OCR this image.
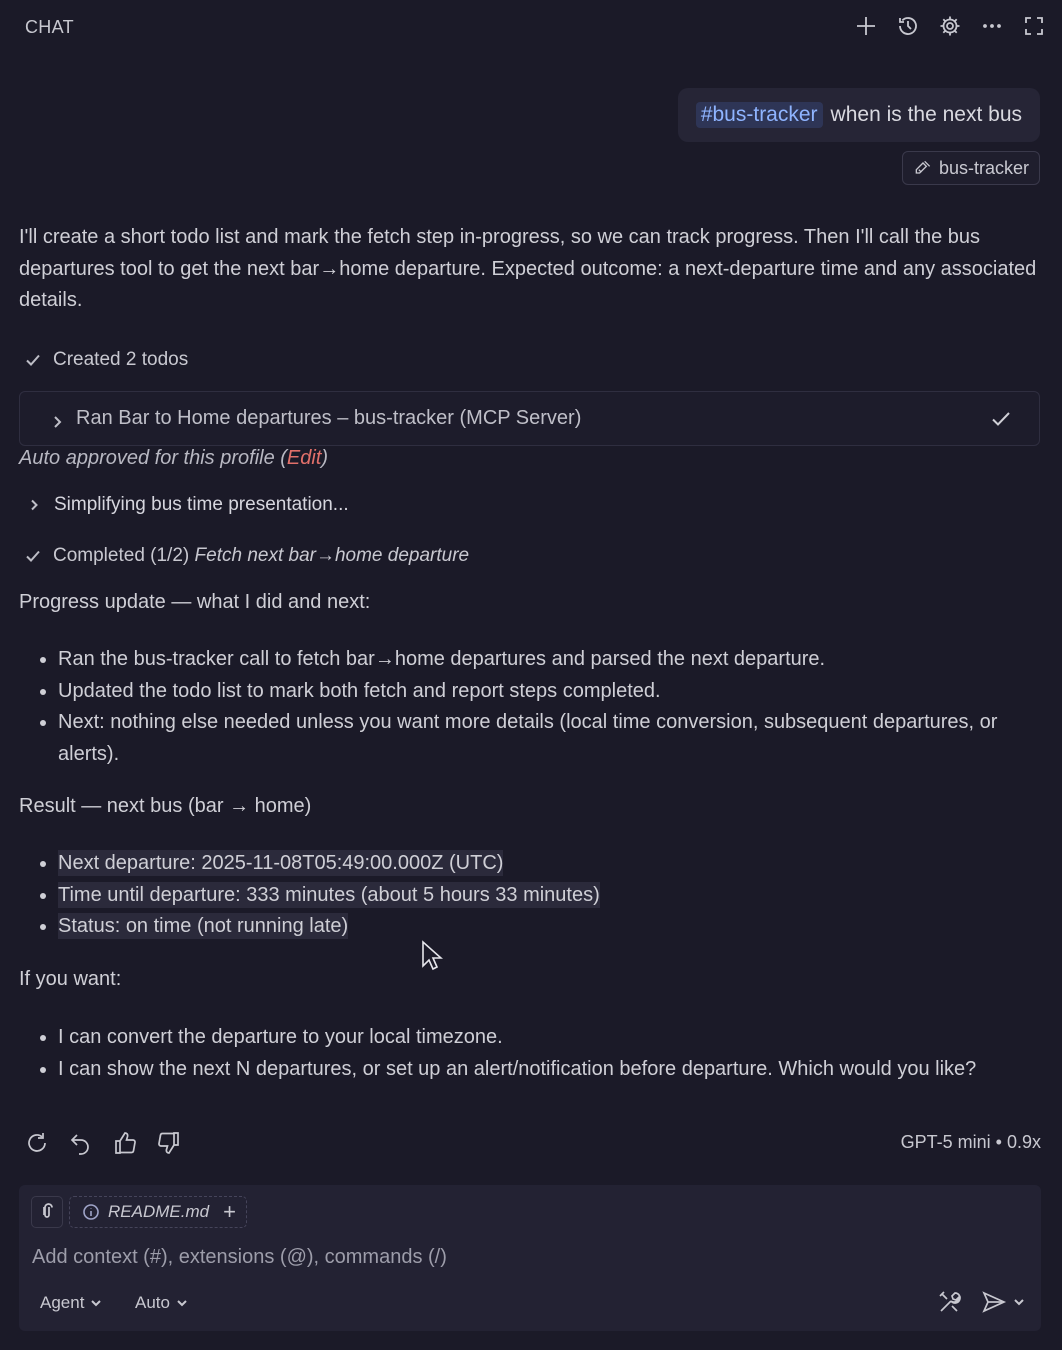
CHAT
#bus-tracker when is the next bus
bus-tracker
I'll create a short todo list and mark the fetch step in-progress, so we can track progress. Then I'll call the bus departures tool to get the next bar→home departure. Expected outcome: a next-departure time and any associated details.
Created 2 todos
Ran Bar to Home departures – bus-tracker (MCP Server)
Auto approved for this profile (Edit)
Simplifying bus time presentation...
Completed (1/2) Fetch next bar→home departure
Progress update — what I did and next:
• Ran the bus-tracker call to fetch bar→home departures and parsed the next departure.
• Updated the todo list to mark both fetch and report steps completed.
• Next: nothing else needed unless you want more details (local time conversion, subsequent departures, or alerts).
Result — next bus (bar → home)
• Next departure: 2025-11-08T05:49:00.000Z (UTC)
• Time until departure: 333 minutes (about 5 hours 33 minutes)
• Status: on time (not running late)
If you want:
• I can convert the departure to your local timezone.
• I can show the next N departures, or set up an alert/notification before departure. Which would you like?
GPT-5 mini • 0.9x
README.md +
Add context (#), extensions (@), commands (/)
Agent	Auto
